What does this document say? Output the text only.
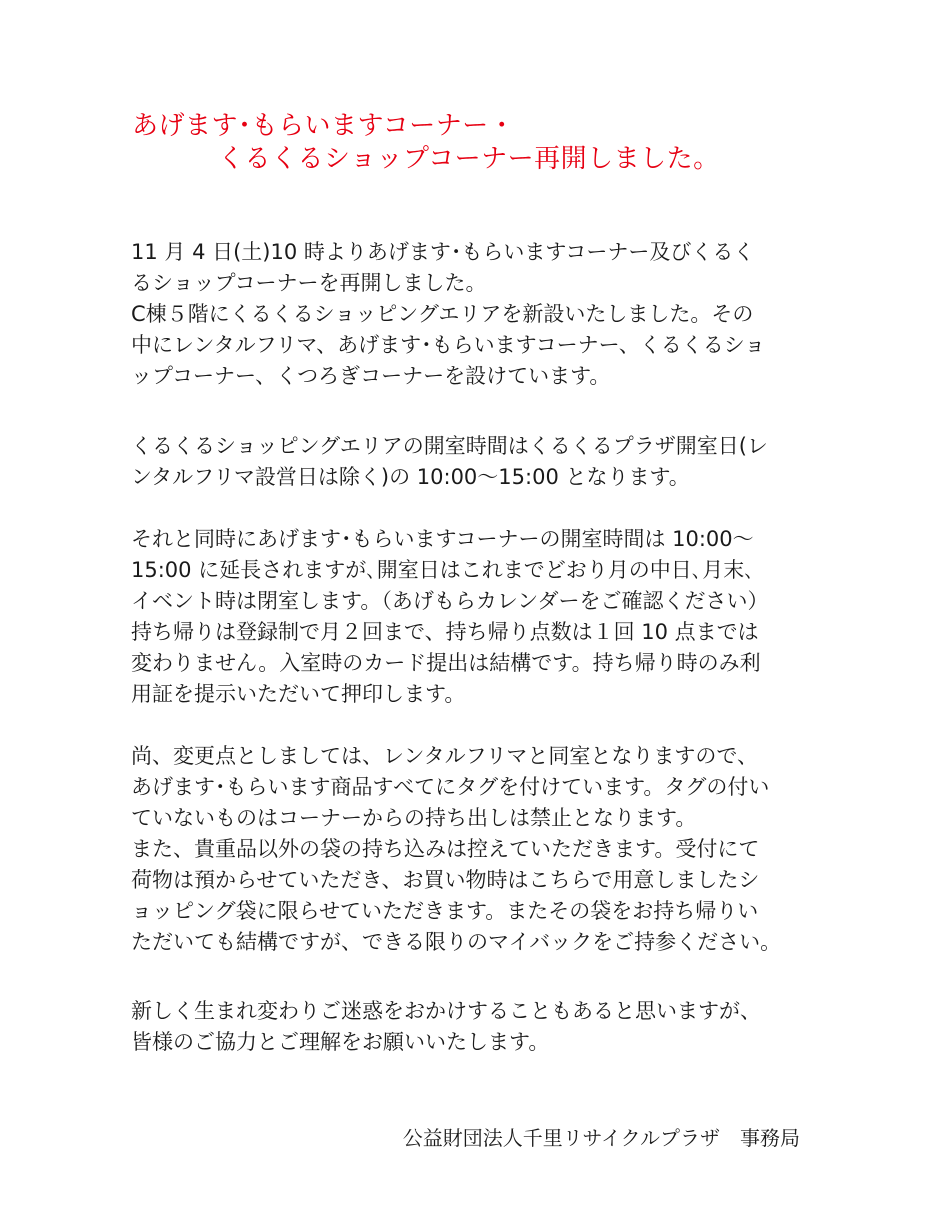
あげます･もらいますコーナー・
くるくるショップコーナー再開しました。
11 月 4 日(土)10 時よりあげます･もらいますコーナー及びくるく
るショップコーナーを再開しました。
C棟５階にくるくるショッピングエリアを新設いたしました。その
中にレンタルフリマ、あげます･もらいますコーナー、くるくるショ
ップコーナー、くつろぎコーナーを設けています。
くるくるショッピングエリアの開室時間はくるくるプラザ開室日(レ
ンタルフリマ設営日は除く)の 10:00～15:00 となります。
それと同時にあげます･もらいますコーナーの開室時間は 10:00～
15:00 に延長されますが､開室日はこれまでどおり月の中日､月末､
イベント時は閉室します。（あげもらカレンダーをご確認ください）
持ち帰りは登録制で月２回まで、持ち帰り点数は１回 10 点までは
変わりません。入室時のカード提出は結構です。持ち帰り時のみ利
用証を提示いただいて押印します。
尚、変更点としましては、レンタルフリマと同室となりますので、
あげます･もらいます商品すべてにタグを付けています。タグの付い
ていないものはコーナーからの持ち出しは禁止となります。
また、貴重品以外の袋の持ち込みは控えていただきます。受付にて
荷物は預からせていただき、お買い物時はこちらで用意しましたシ
ョッピング袋に限らせていただきます。またその袋をお持ち帰りい
ただいても結構ですが、できる限りのマイバックをご持参ください。
新しく生まれ変わりご迷惑をおかけすることもあると思いますが、
皆様のご協力とご理解をお願いいたします。
公益財団法人千里リサイクルプラザ　事務局
